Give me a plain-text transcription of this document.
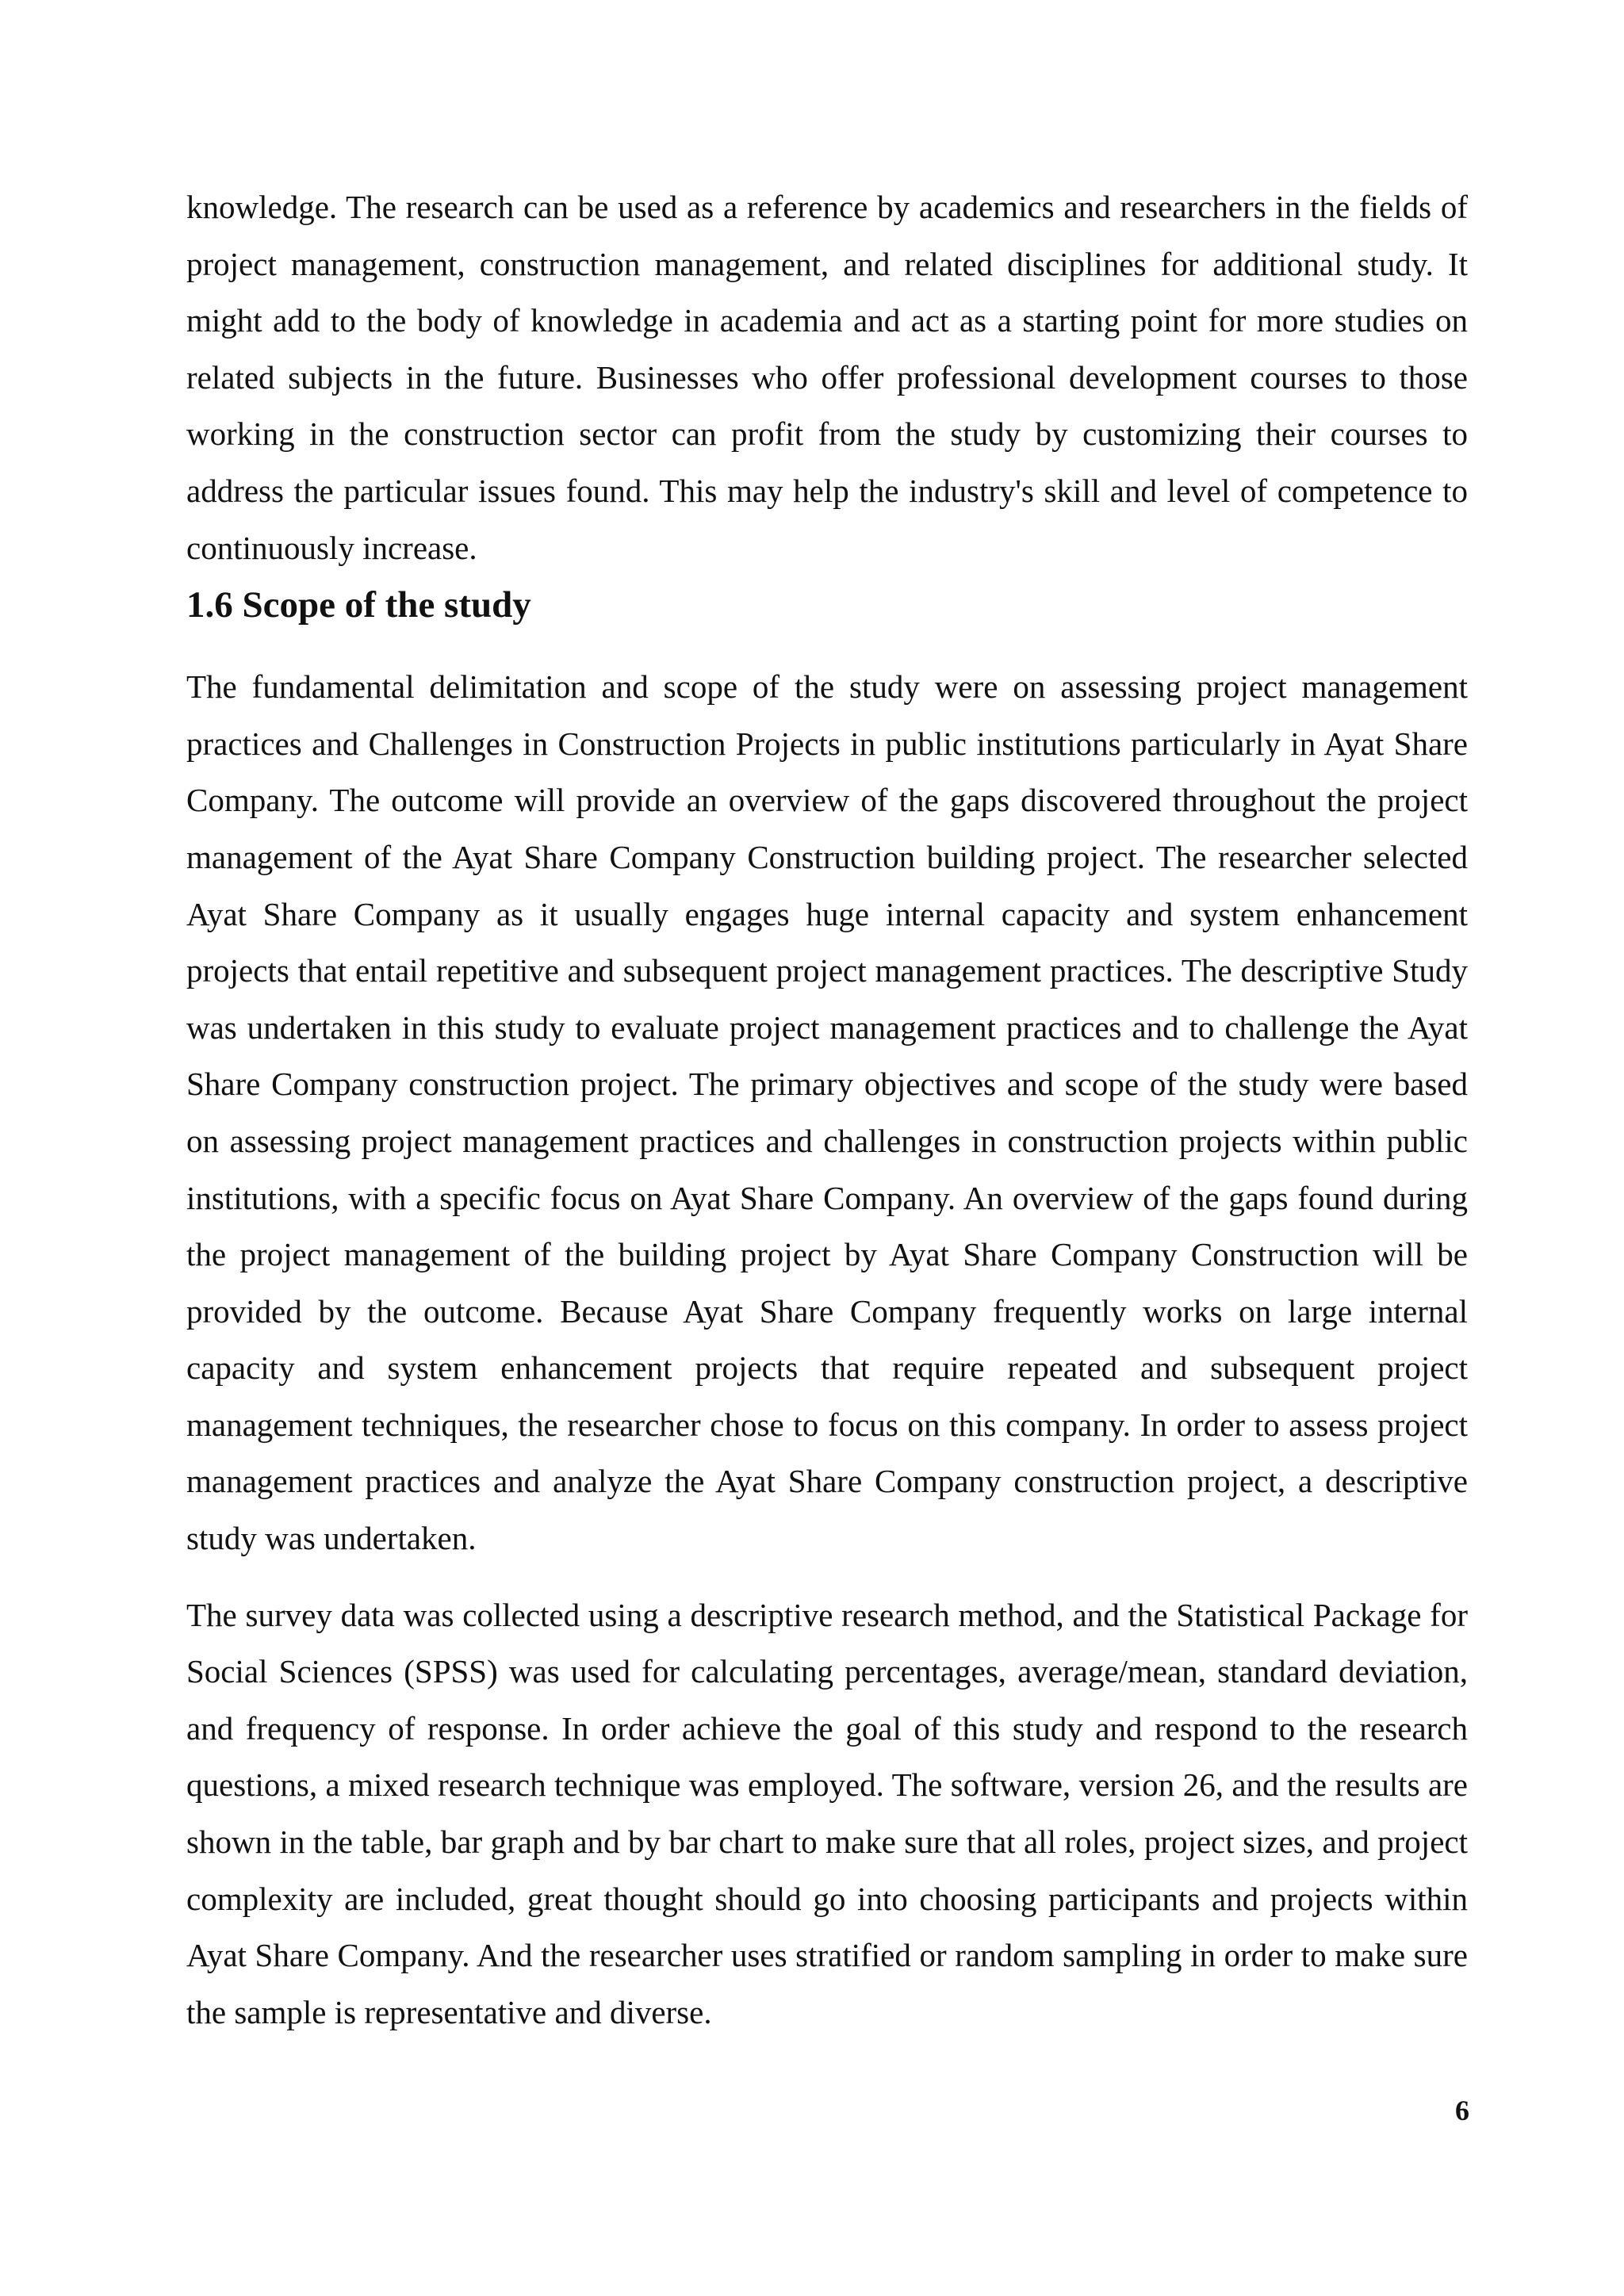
knowledge. The research can be used as a reference by academics and researchers in the fields of project management, construction management, and related disciplines for additional study. It might add to the body of knowledge in academia and act as a starting point for more studies on related subjects in the future. Businesses who offer professional development courses to those working in the construction sector can profit from the study by customizing their courses to address the particular issues found. This may help the industry's skill and level of competence to continuously increase.

1.6 Scope of the study

The fundamental delimitation and scope of the study were on assessing project management practices and Challenges in Construction Projects in public institutions particularly in Ayat Share Company. The outcome will provide an overview of the gaps discovered throughout the project management of the Ayat Share Company Construction building project. The researcher selected Ayat Share Company as it usually engages huge internal capacity and system enhancement projects that entail repetitive and subsequent project management practices. The descriptive Study was undertaken in this study to evaluate project management practices and to challenge the Ayat Share Company construction project. The primary objectives and scope of the study were based on assessing project management practices and challenges in construction projects within public institutions, with a specific focus on Ayat Share Company. An overview of the gaps found during the project management of the building project by Ayat Share Company Construction will be provided by the outcome. Because Ayat Share Company frequently works on large internal capacity and system enhancement projects that require repeated and subsequent project management techniques, the researcher chose to focus on this company. In order to assess project management practices and analyze the Ayat Share Company construction project, a descriptive study was undertaken.

The survey data was collected using a descriptive research method, and the Statistical Package for Social Sciences (SPSS) was used for calculating percentages, average/mean, standard deviation, and frequency of response. In order achieve the goal of this study and respond to the research questions, a mixed research technique was employed. The software, version 26, and the results are shown in the table, bar graph and by bar chart to make sure that all roles, project sizes, and project complexity are included, great thought should go into choosing participants and projects within Ayat Share Company. And the researcher uses stratified or random sampling in order to make sure the sample is representative and diverse.

6
